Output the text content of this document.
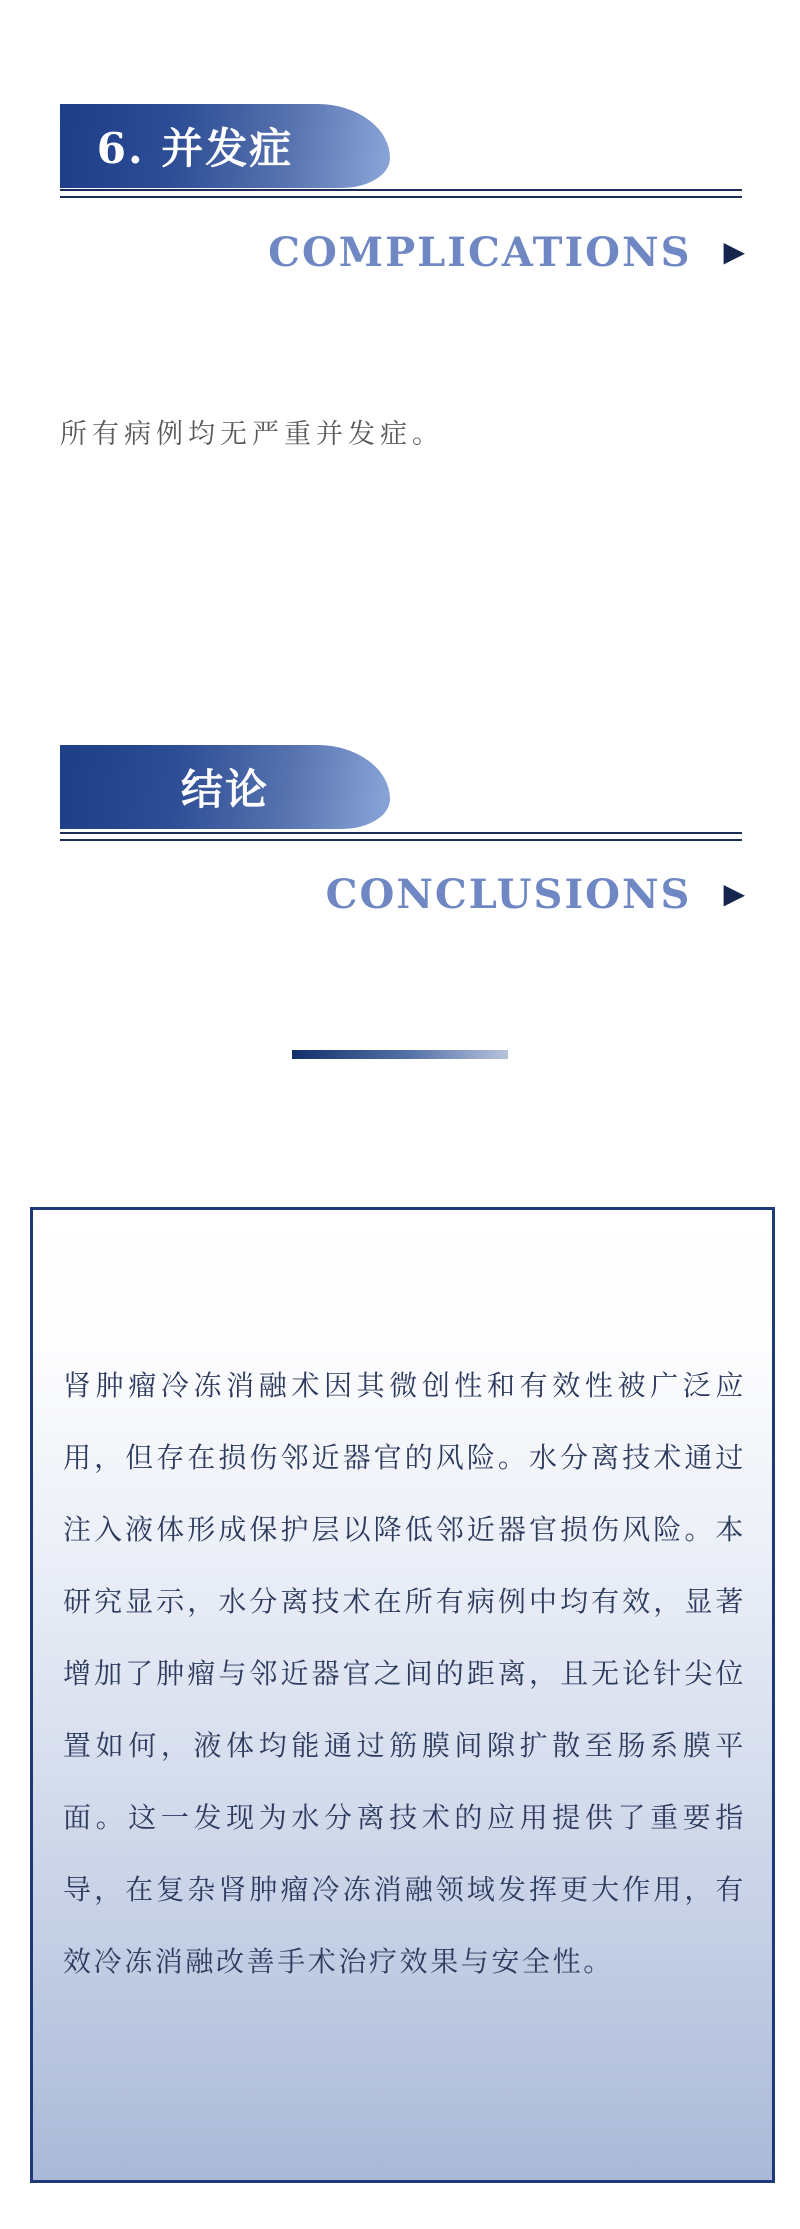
6. 并发症
COMPLICATIONS ▶
所有病例均无严重并发症。
结论
CONCLUSIONS ▶

肾肿瘤冷冻消融术因其微创性和有效性被广泛应用，但存在损伤邻近器官的风险。水分离技术通过注入液体形成保护层以降低邻近器官损伤风险。本研究显示，水分离技术在所有病例中均有效，显著增加了肿瘤与邻近器官之间的距离，且无论针尖位置如何，液体均能通过筋膜间隙扩散至肠系膜平面。这一发现为水分离技术的应用提供了重要指导，在复杂肾肿瘤冷冻消融领域发挥更大作用，有效冷冻消融改善手术治疗效果与安全性。
